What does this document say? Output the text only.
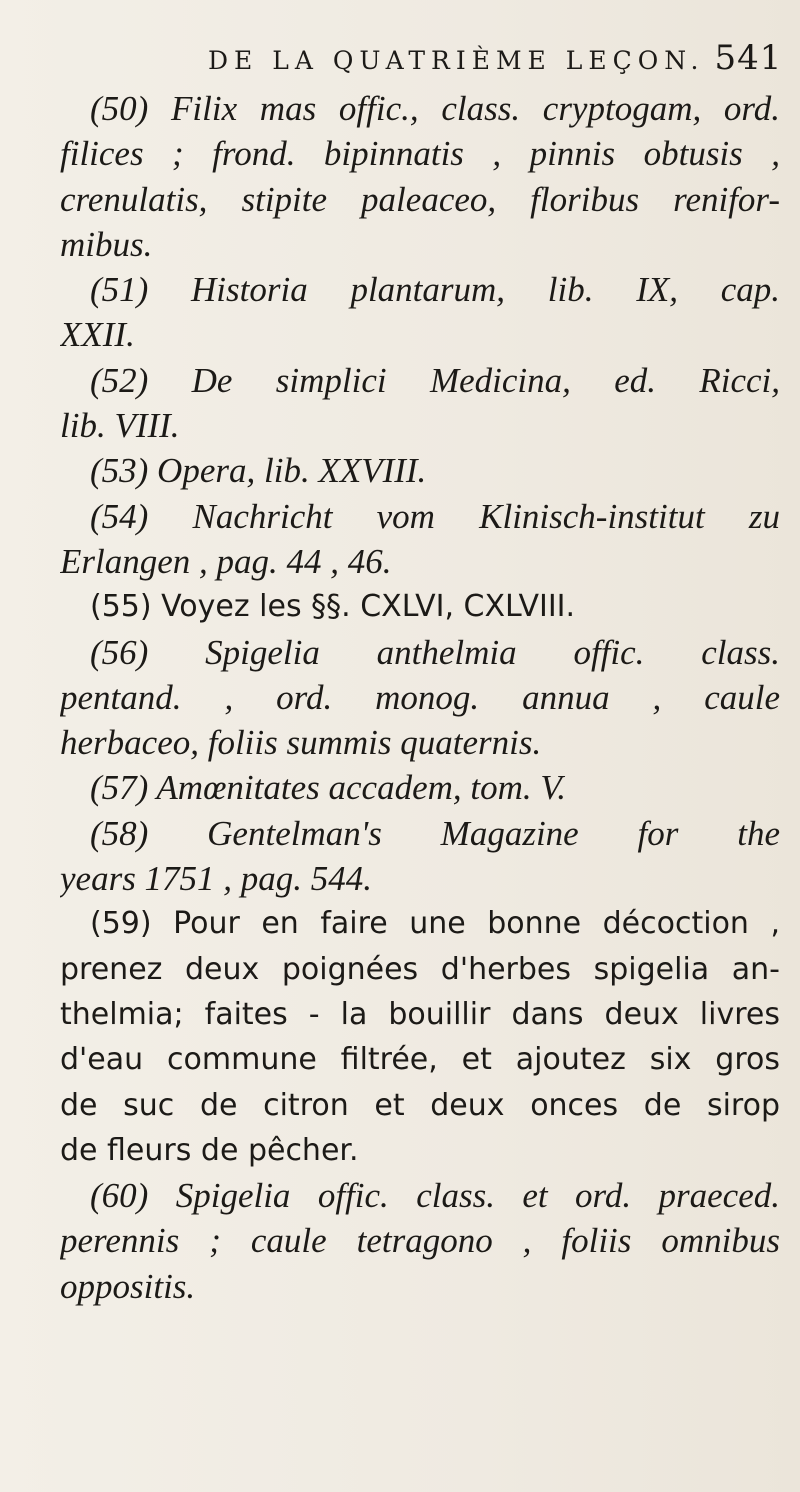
DE LA QUATRIÈME LEÇON. 541
(50) Filix mas offic., class. cryptogam, ord.
filices ; frond. bipinnatis , pinnis obtusis ,
crenulatis, stipite paleaceo, floribus renifor-
mibus.
(51) Historia plantarum, lib. IX, cap.
XXII.
(52) De simplici Medicina, ed. Ricci,
lib. VIII.
(53) Opera, lib. XXVIII.
(54) Nachricht vom Klinisch-institut zu
Erlangen , pag. 44 , 46.
(55) Voyez les §§. CXLVI, CXLVIII.
(56) Spigelia anthelmia offic. class.
pentand. , ord. monog. annua , caule
herbaceo, foliis summis quaternis.
(57) Amœnitates accadem, tom. V.
(58) Gentelman's Magazine for the
years 1751 , pag. 544.
(59) Pour en faire une bonne décoction ,
prenez deux poignées d'herbes spigelia an-
thelmia; faites - la bouillir dans deux livres
d'eau commune filtrée, et ajoutez six gros
de suc de citron et deux onces de sirop
de fleurs de pêcher.
(60) Spigelia offic. class. et ord. praeced.
perennis ; caule tetragono , foliis omnibus
oppositis.
